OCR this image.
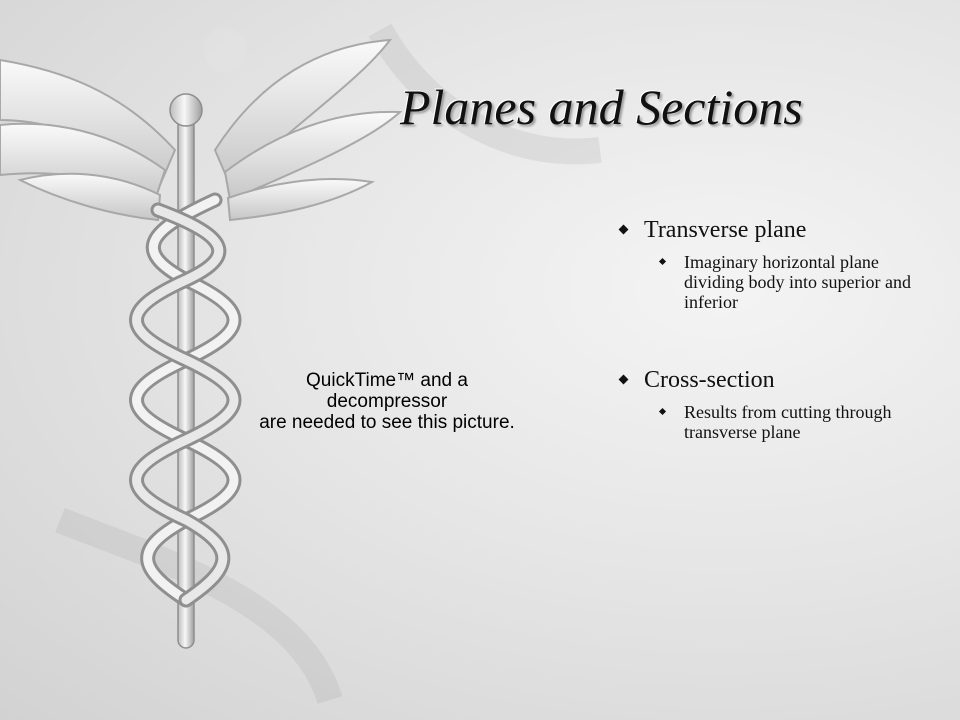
Planes and Sections
QuickTime™ and a
decompressor
are needed to see this picture.
Transverse plane
Imaginary horizontal plane dividing body into superior and inferior
Cross-section
Results from cutting through transverse plane
